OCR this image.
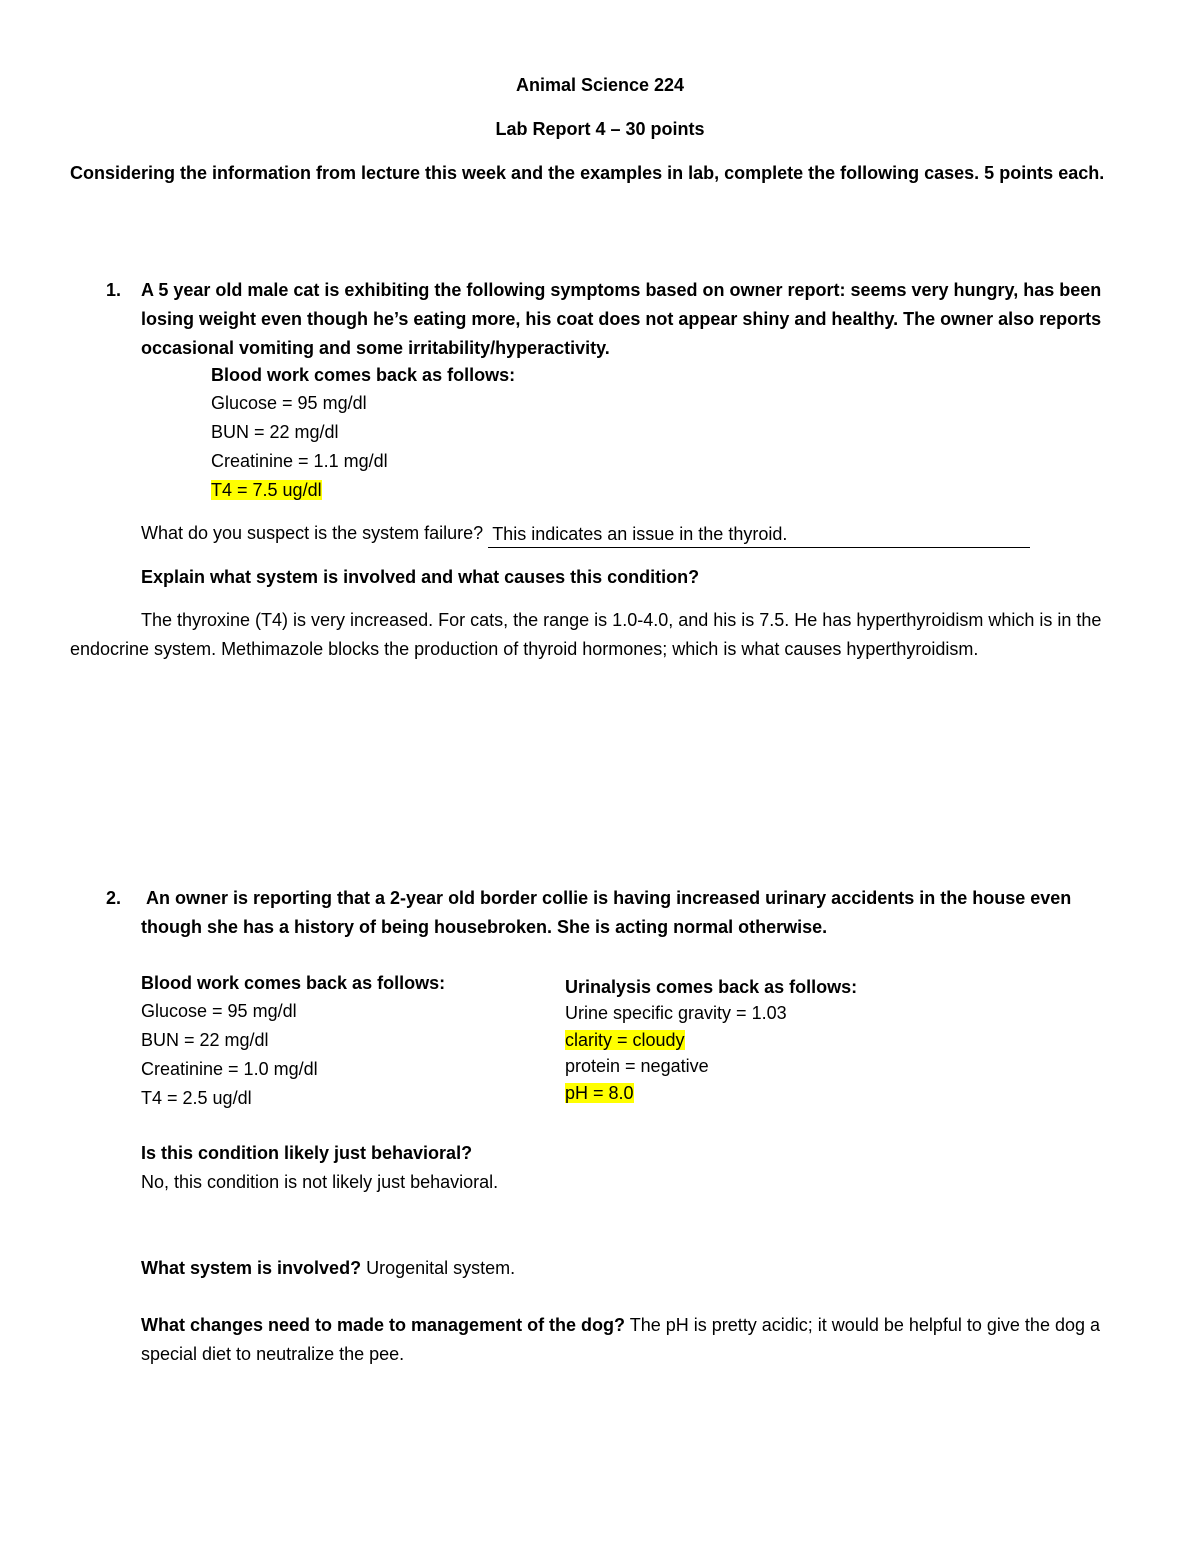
Animal Science 224
Lab Report 4 – 30 points
Considering the information from lecture this week and the examples in lab, complete the following cases. 5 points each.
1. A 5 year old male cat is exhibiting the following symptoms based on owner report: seems very hungry, has been losing weight even though he’s eating more, his coat does not appear shiny and healthy. The owner also reports occasional vomiting and some irritability/hyperactivity.
Blood work comes back as follows:
Glucose = 95 mg/dl
BUN = 22 mg/dl
Creatinine = 1.1 mg/dl
T4 = 7.5 ug/dl
What do you suspect is the system failure? This indicates an issue in the thyroid.
Explain what system is involved and what causes this condition?
The thyroxine (T4) is very increased. For cats, the range is 1.0-4.0, and his is 7.5. He has hyperthyroidism which is in the endocrine system. Methimazole blocks the production of thyroid hormones; which is what causes hyperthyroidism.
2. An owner is reporting that a 2-year old border collie is having increased urinary accidents in the house even though she has a history of being housebroken. She is acting normal otherwise.
Blood work comes back as follows:
Glucose = 95 mg/dl
BUN = 22 mg/dl
Creatinine = 1.0 mg/dl
T4 = 2.5 ug/dl
Urinalysis comes back as follows:
Urine specific gravity = 1.03
clarity = cloudy
protein = negative
pH = 8.0
Is this condition likely just behavioral?
No, this condition is not likely just behavioral.
What system is involved? Urogenital system.
What changes need to made to management of the dog? The pH is pretty acidic; it would be helpful to give the dog a special diet to neutralize the pee.
